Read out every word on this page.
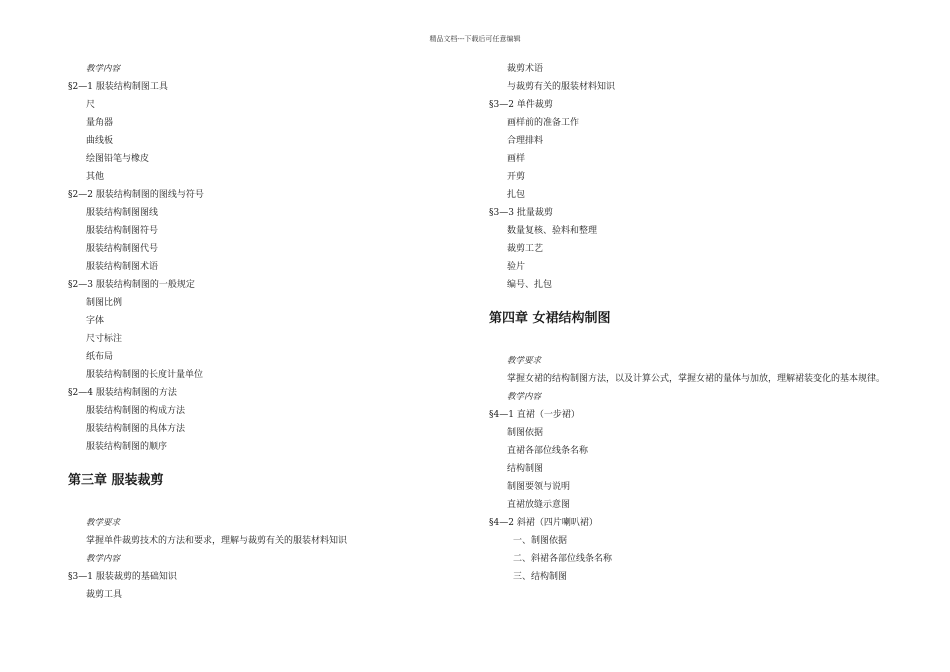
精品文档---下载后可任意编辑
教学内容
§2—1 服装结构制图工具
尺
量角器
曲线板
绘图铅笔与橡皮
其他
§2—2 服装结构制图的图线与符号
服装结构制图图线
服装结构制图符号
服装结构制图代号
服装结构制图术语
§2—3 服装结构制图的一般规定
制图比例
字体
尺寸标注
纸布局
服装结构制图的长度计量单位
§2—4 服装结构制图的方法
服装结构制图的构成方法
服装结构制图的具体方法
服装结构制图的顺序
第三章 服装裁剪
教学要求
掌握单件裁剪技术的方法和要求，理解与裁剪有关的服装材料知识
教学内容
§3—1 服装裁剪的基础知识
裁剪工具
裁剪术语
与裁剪有关的服装材料知识
§3—2 单件裁剪
画样前的准备工作
合理排料
画样
开剪
扎包
§3—3 批量裁剪
数量复核、验料和整理
裁剪工艺
验片
编号、扎包
第四章 女裙结构制图
教学要求
掌握女裙的结构制图方法，以及计算公式，掌握女裙的量体与加放，理解裙装变化的基本规律。
教学内容
§4—1 直裙（一步裙）
制图依据
直裙各部位线条名称
结构制图
制图要领与说明
直裙放缝示意图
§4—2 斜裙（四片喇叭裙）
一、制图依据
二、斜裙各部位线条名称
三、结构制图
